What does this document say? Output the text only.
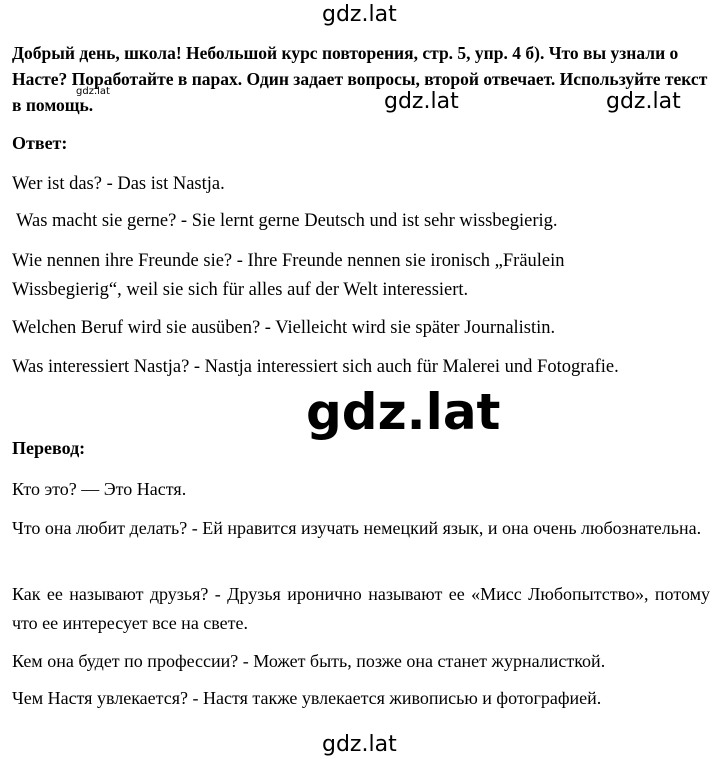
gdz.lat
Добрый день, школа! Небольшой курс повторения, стр. 5, упр. 4 б). Что вы узнали о Насте? Поработайте в парах. Один задает вопросы, второй отвечает. Используйте текст в помощь.
Ответ:
Wer ist das? - Das ist Nastja.
Was macht sie gerne? - Sie lernt gerne Deutsch und ist sehr wissbegierig.
Wie nennen ihre Freunde sie? - Ihre Freunde nennen sie ironisch „Fräulein Wissbegierig“, weil sie sich für alles auf der Welt interessiert.
Welchen Beruf wird sie ausüben? - Vielleicht wird sie später Journalistin.
Was interessiert Nastja? - Nastja interessiert sich auch für Malerei und Fotografie.
Перевод:
Кто это? — Это Настя.
Что она любит делать? - Ей нравится изучать немецкий язык, и она очень любознательна.
Как ее называют друзья? - Друзья иронично называют ее «Мисс Любопытство», потому что ее интересует все на свете.
Кем она будет по профессии? - Может быть, позже она станет журналисткой.
Чем Настя увлекается? - Настя также увлекается живописью и фотографией.
gdz.lat	gdz.lat	gdz.lat
gdz.lat
gdz.lat
